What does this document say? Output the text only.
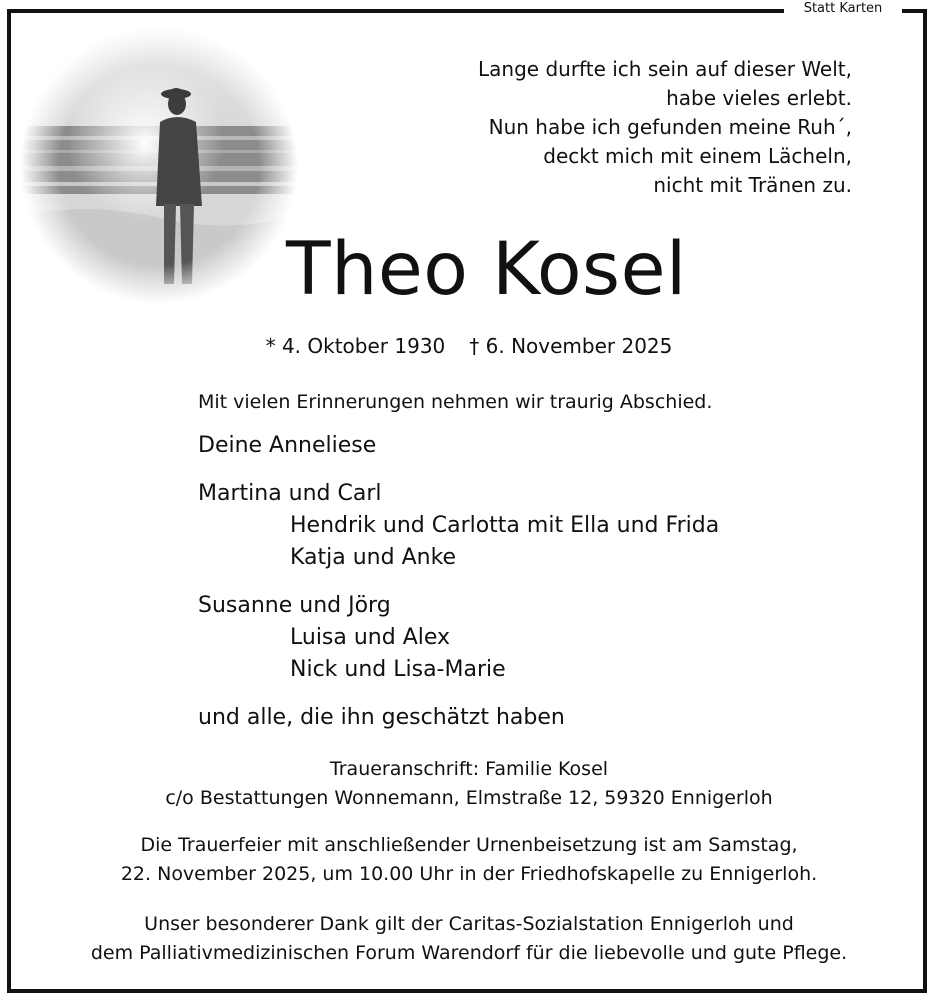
Statt Karten
Lange durfte ich sein auf dieser Welt,
habe vieles erlebt.
Nun habe ich gefunden meine Ruh´,
deckt mich mit einem Lächeln,
nicht mit Tränen zu.
Theo Kosel
* 4. Oktober 1930 † 6. November 2025
Mit vielen Erinnerungen nehmen wir traurig Abschied.
Deine Anneliese
Martina und Carl
Hendrik und Carlotta mit Ella und Frida
Katja und Anke
Susanne und Jörg
Luisa und Alex
Nick und Lisa-Marie
und alle, die ihn geschätzt haben
Traueranschrift: Familie Kosel
c/o Bestattungen Wonnemann, Elmstraße 12, 59320 Ennigerloh
Die Trauerfeier mit anschließender Urnenbeisetzung ist am Samstag,
22. November 2025, um 10.00 Uhr in der Friedhofskapelle zu Ennigerloh.
Unser besonderer Dank gilt der Caritas-Sozialstation Ennigerloh und
dem Palliativmedizinischen Forum Warendorf für die liebevolle und gute Pflege.
